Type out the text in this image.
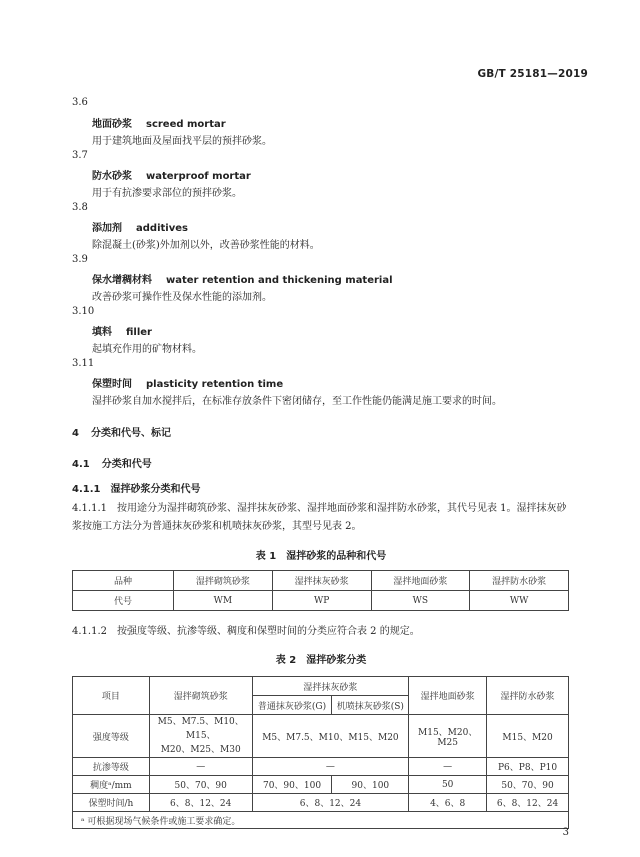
GB/T 25181—2019
3.6
地面砂浆 screed mortar
用于建筑地面及屋面找平层的预拌砂浆。
3.7
防水砂浆 waterproof mortar
用于有抗渗要求部位的预拌砂浆。
3.8
添加剂 additives
除混凝土(砂浆)外加剂以外，改善砂浆性能的材料。
3.9
保水增稠材料 water retention and thickening material
改善砂浆可操作性及保水性能的添加剂。
3.10
填料 filler
起填充作用的矿物材料。
3.11
保塑时间 plasticity retention time
湿拌砂浆自加水搅拌后，在标准存放条件下密闭储存，至工作性能仍能满足施工要求的时间。
4 分类和代号、标记
4.1 分类和代号
4.1.1 湿拌砂浆分类和代号
4.1.1.1 按用途分为湿拌砌筑砂浆、湿拌抹灰砂浆、湿拌地面砂浆和湿拌防水砂浆，其代号见表 1。湿拌抹灰砂浆按施工方法分为普通抹灰砂浆和机喷抹灰砂浆，其型号见表 2。
表 1　湿拌砂浆的品种和代号
品种	湿拌砌筑砂浆	湿拌抹灰砂浆	湿拌地面砂浆	湿拌防水砂浆
代号	WM	WP	WS	WW
4.1.1.2 按强度等级、抗渗等级、稠度和保塑时间的分类应符合表 2 的规定。
表 2　湿拌砂浆分类
项目	湿拌砌筑砂浆	湿拌抹灰砂浆		湿拌地面砂浆	湿拌防水砂浆
		普通抹灰砂浆(G)	机喷抹灰砂浆(S)		
强度等级	M5、M7.5、M10、M15、
M20、M25、M30	M5、M7.5、M10、M15、M20		M15、M20、M25	M15、M20
抗渗等级	—	—		—	P6、P8、P10
稠度ᵃ/mm	50、70、90	70、90、100	90、100	50	50、70、90
保塑时间/h	6、8、12、24	6、8、12、24		4、6、8	6、8、12、24
ᵃ 可根据现场气候条件或施工要求确定。					
3
